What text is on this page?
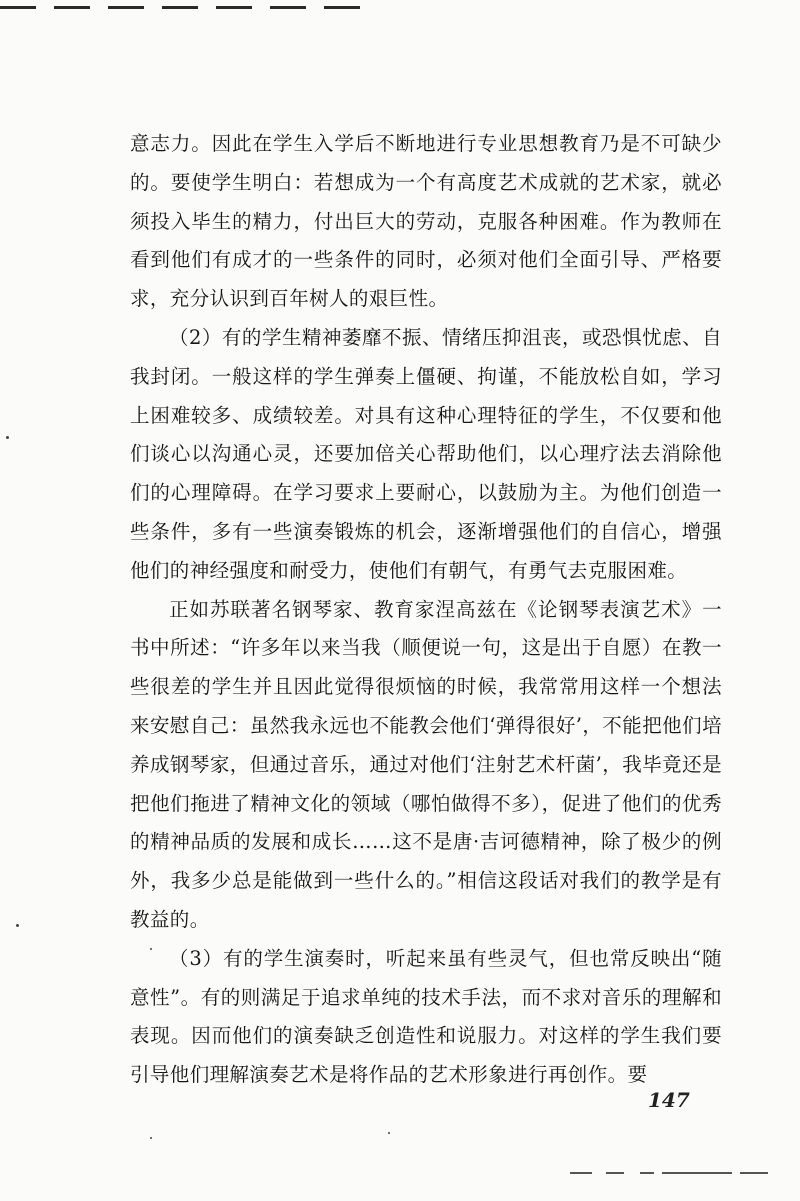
意志力。因此在学生入学后不断地进行专业思想教育乃是不可缺少的。要使学生明白：若想成为一个有高度艺术成就的艺术家，就必须投入毕生的精力，付出巨大的劳动，克服各种困难。作为教师在看到他们有成才的一些条件的同时，必须对他们全面引导、严格要求，充分认识到百年树人的艰巨性。

（2）有的学生精神萎靡不振、情绪压抑沮丧，或恐惧忧虑、自我封闭。一般这样的学生弹奏上僵硬、拘谨，不能放松自如，学习上困难较多、成绩较差。对具有这种心理特征的学生，不仅要和他们谈心以沟通心灵，还要加倍关心帮助他们，以心理疗法去消除他们的心理障碍。在学习要求上要耐心，以鼓励为主。为他们创造一些条件，多有一些演奏锻炼的机会，逐渐增强他们的自信心，增强他们的神经强度和耐受力，使他们有朝气，有勇气去克服困难。

正如苏联著名钢琴家、教育家涅高兹在《论钢琴表演艺术》一书中所述：“许多年以来当我（顺便说一句，这是出于自愿）在教一些很差的学生并且因此觉得很烦恼的时候，我常常用这样一个想法来安慰自己：虽然我永远也不能教会他们‘弹得很好’，不能把他们培养成钢琴家，但通过音乐，通过对他们‘注射艺术杆菌’，我毕竟还是把他们拖进了精神文化的领域（哪怕做得不多），促进了他们的优秀的精神品质的发展和成长……这不是唐·吉诃德精神，除了极少的例外，我多少总是能做到一些什么的。”相信这段话对我们的教学是有教益的。

（3）有的学生演奏时，听起来虽有些灵气，但也常反映出“随意性”。有的则满足于追求单纯的技术手法，而不求对音乐的理解和表现。因而他们的演奏缺乏创造性和说服力。对这样的学生我们要引导他们理解演奏艺术是将作品的艺术形象进行再创作。要

147
